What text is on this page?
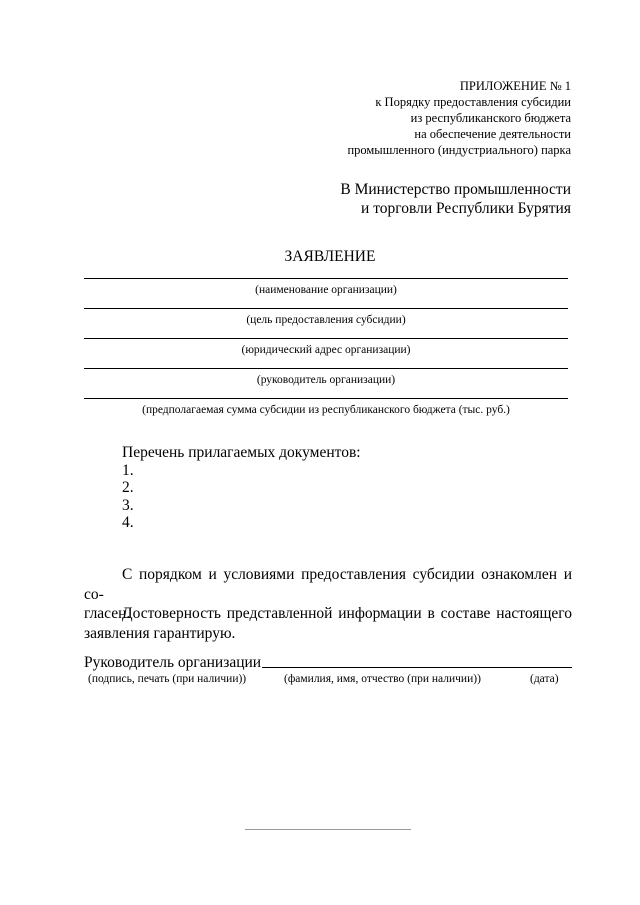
ПРИЛОЖЕНИЕ № 1
к Порядку предоставления субсидии
из республиканского бюджета
на обеспечение деятельности
промышленного (индустриального) парка
В Министерство промышленности
и торговли Республики Бурятия
ЗАЯВЛЕНИЕ
(наименование организации)
(цель предоставления субсидии)
(юридический адрес организации)
(руководитель организации)
(предполагаемая сумма субсидии из республиканского бюджета (тыс. руб.)
Перечень прилагаемых документов:
1.
2.
3.
4.
С порядком и условиями предоставления субсидии ознакомлен и со-
гласен.
Достоверность представленной информации в составе настоящего
заявления гарантирую.
Руководитель организации
(подпись, печать (при наличии))	(фамилия, имя, отчество (при наличии))	(дата)
